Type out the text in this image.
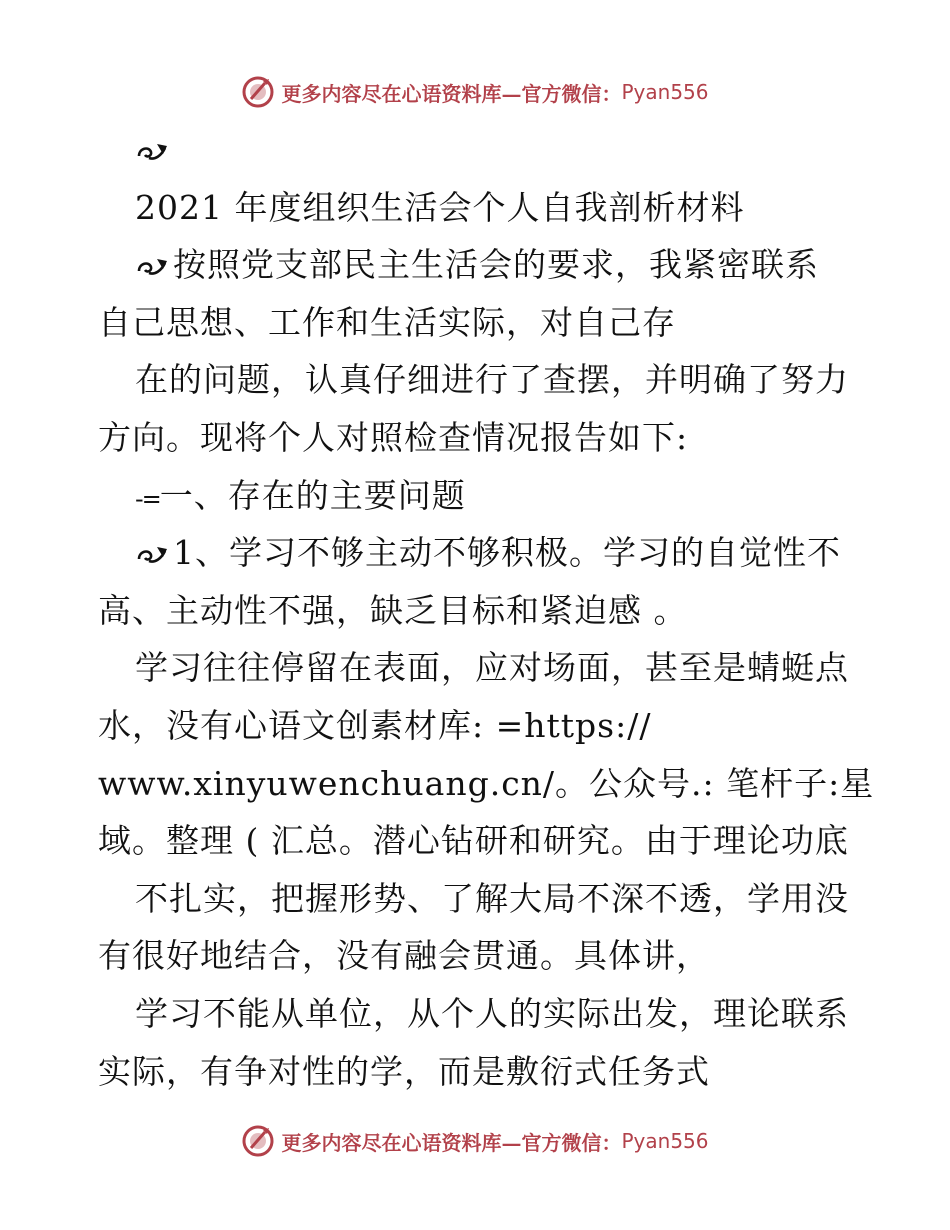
更多内容尽在心语资料库—官方微信： Pyan556
2021 年度组织生活会个人自我剖析材料
按照党支部民主生活会的要求，我紧密联系
自己思想、工作和生活实际，对自己存
在的问题，认真仔细进行了查摆，并明确了努力
方向。现将个人对照检查情况报告如下:
-=一、存在的主要问题
1、学习不够主动不够积极。学习的自觉性不
高、主动性不强，缺乏目标和紧迫感 。
学习往往停留在表面，应对场面，甚至是蜻蜓点
水，没有心语文创素材库: =https://
www.xinyuwenchuang.cn/。公众号.: 笔杆子:星
域。整理 ( 汇总。潜心钻研和研究。由于理论功底
不扎实，把握形势、了解大局不深不透，学用没
有很好地结合，没有融会贯通。具体讲，
学习不能从单位，从个人的实际出发，理论联系
实际，有争对性的学，而是敷衍式任务式
更多内容尽在心语资料库—官方微信： Pyan556
